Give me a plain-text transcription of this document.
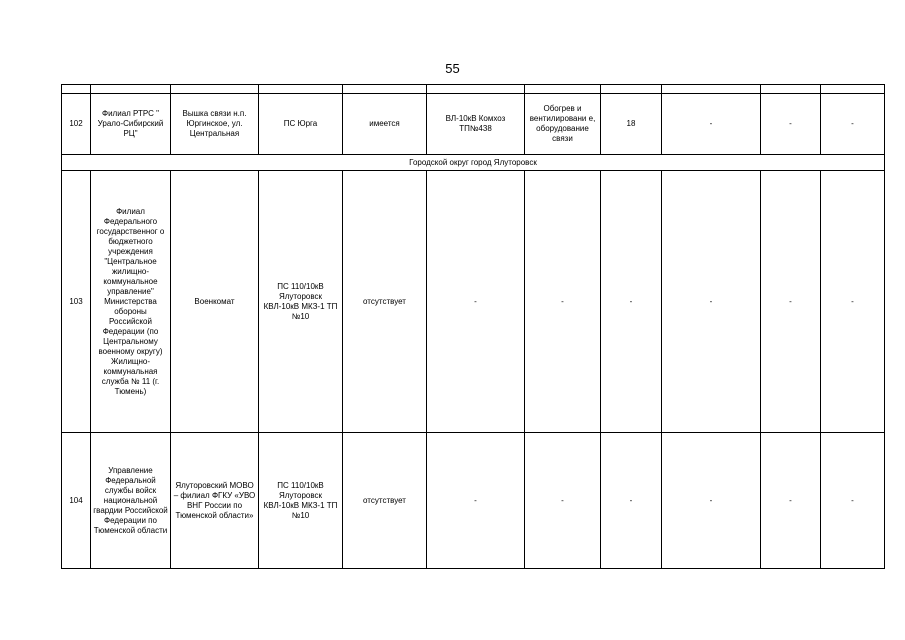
55

102	Филиал РТРС " Урало-Сибирский РЦ"	Вышка связи н.п. Юргинское, ул. Центральная	ПС Юрга	имеется	ВЛ-10кВ Комхоз ТП№438	Обогрев и вентилировани е, оборудование связи	18	-	-	-
Городской округ город Ялуторовск										
103	Филиал Федерального государственног о бюджетного учреждения "Центральное жилищно-коммунальное управление" Министерства обороны Российской Федерации (по Центральному военному округу) Жилищно-коммунальная служба № 11 (г. Тюмень)	Военкомат	ПС 110/10кВ Ялуторовск КВЛ-10кВ МКЗ-1 ТП №10	отсутствует	-	-	-	-	-	-
104	Управление Федеральной службы войск национальной гвардии Российской Федерации по Тюменской области	Ялуторовский МОВО – филиал ФГКУ «УВО ВНГ России по Тюменской области»	ПС 110/10кВ Ялуторовск КВЛ-10кВ МКЗ-1 ТП №10	отсутствует	-	-	-	-	-	-
